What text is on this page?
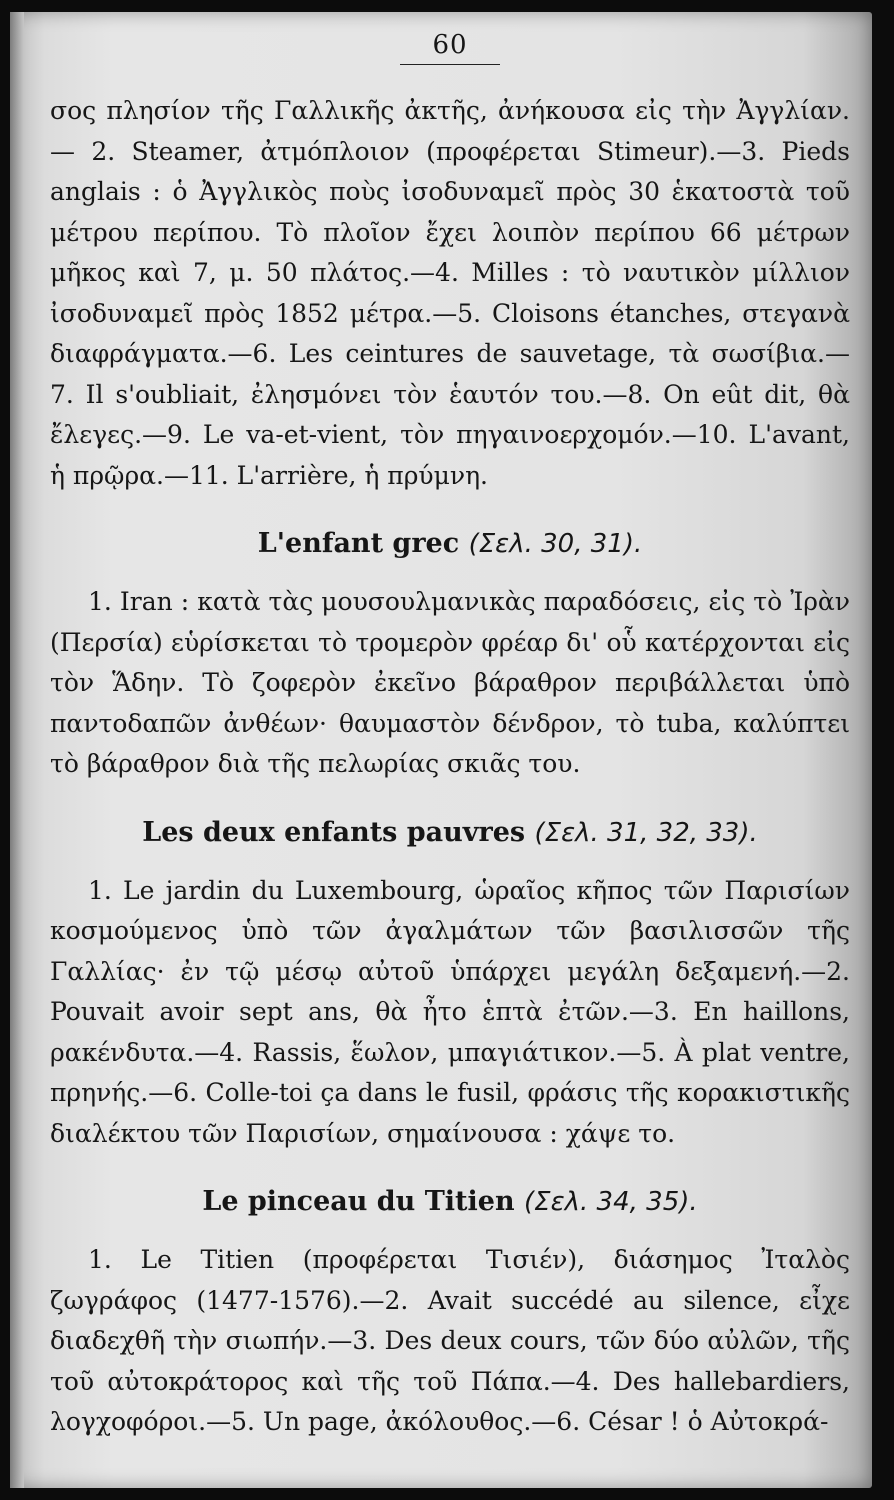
60

σος πλησίον τῆς Γαλλικῆς ἀκτῆς, ἀνήκουσα εἰς τὴν Ἀγγλίαν.— 2. Steamer, ἀτμόπλοιον (προφέρεται Stimeur).—3. Pieds anglais : ὁ Ἀγγλικὸς ποὺς ἰσοδυναμεῖ πρὸς 30 ἑκατοστὰ τοῦ μέτρου περίπου. Τὸ πλοῖον ἔχει λοιπὸν περίπου 66 μέτρων μῆκος καὶ 7, μ. 50 πλάτος.—4. Milles : τὸ ναυτικὸν μίλλιον ἰσοδυναμεῖ πρὸς 1852 μέτρα.—5. Cloisons étanches, στεγανὰ διαφράγματα.—6. Les ceintures de sauvetage, τὰ σωσίβια.— 7. Il s'oubliait, ἐλησμόνει τὸν ἑαυτόν του.—8. On eût dit, θὰ ἔλεγες.—9. Le va-et-vient, τὸν πηγαινοερχομόν.—10. L'avant, ἡ πρῷρα.—11. L'arrière, ἡ πρύμνη.

L'enfant grec (Σελ. 30, 31).

1. Iran : κατὰ τὰς μουσουλμανικὰς παραδόσεις, εἰς τὸ Ἰρὰν (Περσία) εὑρίσκεται τὸ τρομερὸν φρέαρ δι' οὗ κατέρχονται εἰς τὸν Ἅδην. Τὸ ζοφερὸν ἐκεῖνο βάραθρον περιβάλλεται ὑπὸ παντοδαπῶν ἀνθέων· θαυμαστὸν δένδρον, τὸ tuba, καλύπτει τὸ βάραθρον διὰ τῆς πελωρίας σκιᾶς του.

Les deux enfants pauvres (Σελ. 31, 32, 33).

1. Le jardin du Luxembourg, ὡραῖος κῆπος τῶν Παρισίων κοσμούμενος ὑπὸ τῶν ἀγαλμάτων τῶν βασιλισσῶν τῆς Γαλλίας· ἐν τῷ μέσῳ αὐτοῦ ὑπάρχει μεγάλη δεξαμενή.—2. Pouvait avoir sept ans, θὰ ἦτο ἑπτὰ ἐτῶν.—3. En haillons, ρακένδυτα.—4. Rassis, ἕωλον, μπαγιάτικον.—5. À plat ventre, πρηνής.—6. Colle-toi ça dans le fusil, φράσις τῆς κορακιστικῆς διαλέκτου τῶν Παρισίων, σημαίνουσα : χάψε το.

Le pinceau du Titien (Σελ. 34, 35).

1. Le Titien (προφέρεται Τισιέν), διάσημος Ἰταλὸς ζωγράφος (1477-1576).—2. Avait succédé au silence, εἶχε διαδεχθῆ τὴν σιωπήν.—3. Des deux cours, τῶν δύο αὐλῶν, τῆς τοῦ αὐτοκράτορος καὶ τῆς τοῦ Πάπα.—4. Des hallebardiers, λογχοφόροι.—5. Un page, ἀκόλουθος.—6. César ! ὁ Αὐτοκρά-
